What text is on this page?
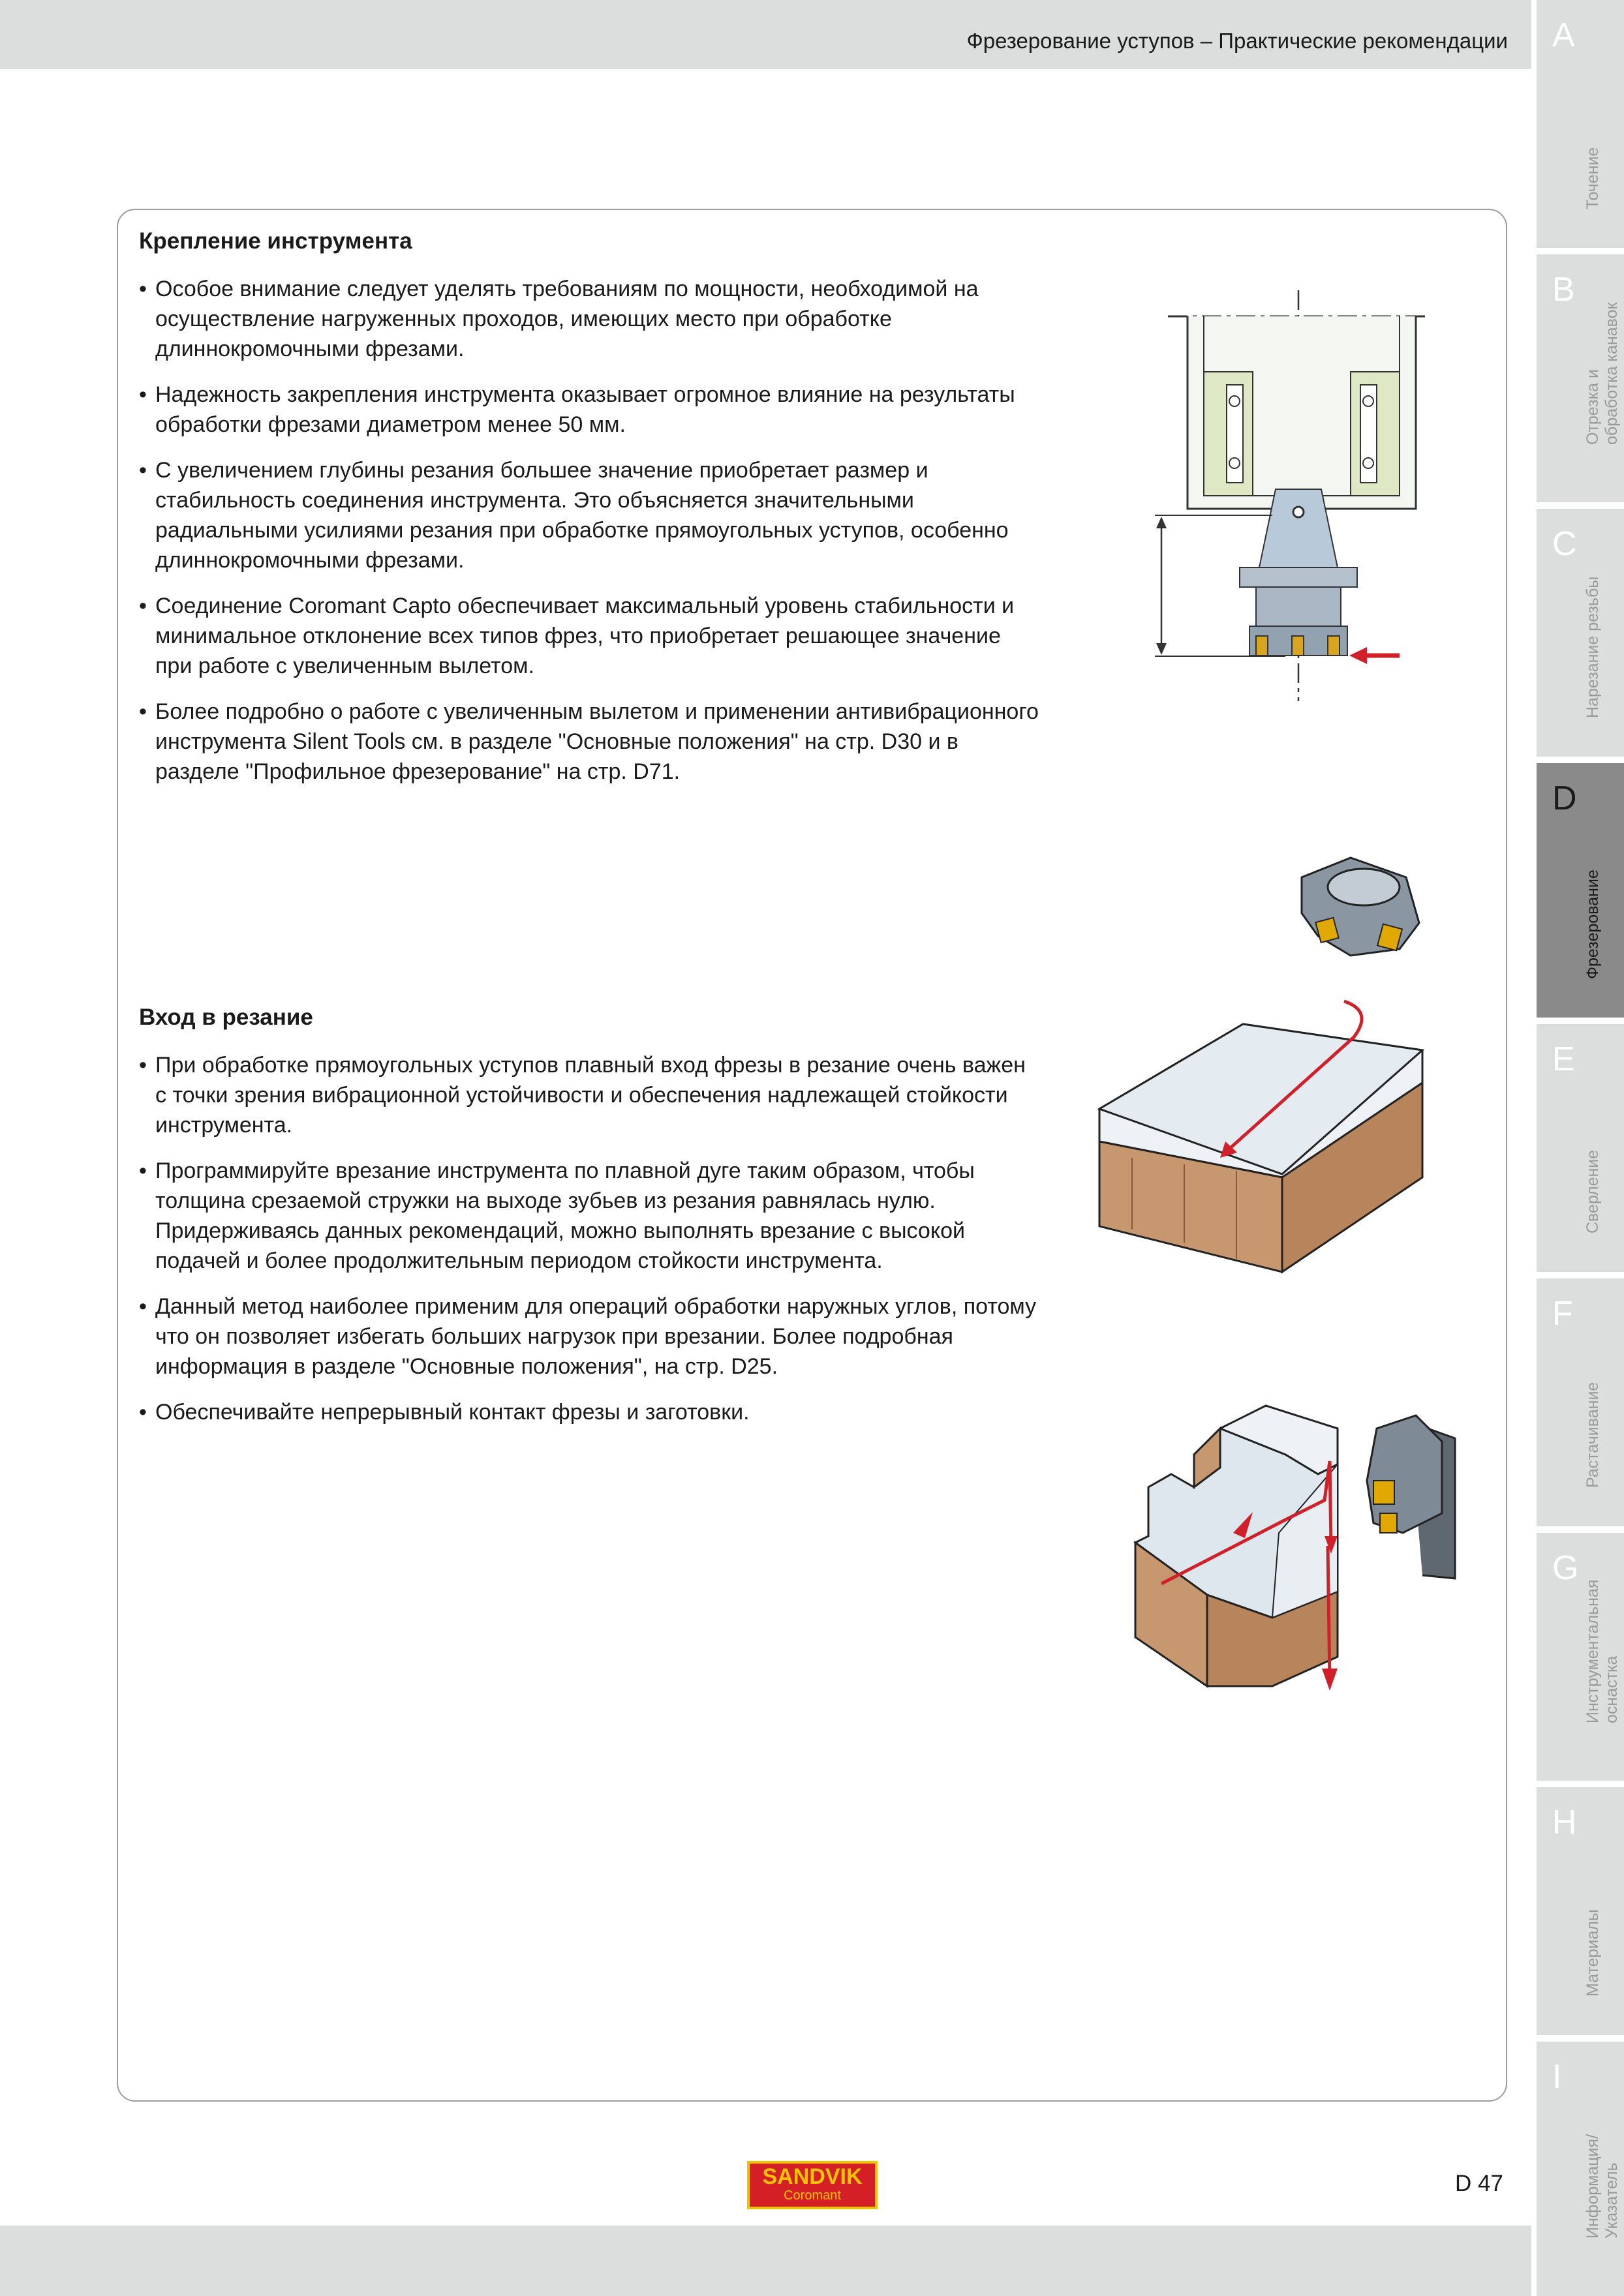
Фрезерование уступов – Практические рекомендации A
Точение
B
Отрезка и
обработка канавок
C
Нарезание резьбы
D
Фрезерование
E
Сверление
F
Растачивание
G
Инструментальная
оснастка
H
Материалы
I
Информация/
Указатель
Крепление инструмента
• Особое внимание следует уделять требованиям по мощности, необходимой на осуществление нагруженных проходов, имеющих место при обработке длиннокромочными фрезами.
• Надежность закрепления инструмента оказывает огромное влияние на результаты обработки фрезами диаметром менее 50 мм.
• С увеличением глубины резания большее значение приобретает размер и стабильность соединения инструмента. Это объясняется значительными радиальными усилиями резания при обработке прямоугольных уступов, особенно длиннокромочными фрезами.
• Соединение Coromant Capto обеспечивает максимальный уровень стабильности и минимальное отклонение всех типов фрез, что приобретает решающее значение при работе с увеличенным вылетом.
• Более подробно о работе с увеличенным вылетом и применении антивибрационного инструмента Silent Tools см. в разделе "Основные положения" на стр. D30 и в разделе "Профильное фрезерование" на стр. D71.
Вход в резание
• При обработке прямоугольных уступов плавный вход фрезы в резание очень важен с точки зрения вибрационной устойчивости и обеспечения надлежащей стойкости инструмента.
• Программируйте врезание инструмента по плавной дуге таким образом, чтобы толщина срезаемой стружки на выходе зубьев из резания равнялась нулю. Придерживаясь данных рекомендаций, можно выполнять врезание с высокой подачей и более продолжительным периодом стойкости инструмента.
• Данный метод наиболее применим для операций обработки наружных углов, потому что он позволяет избегать больших нагрузок при врезании. Более подробная информация в разделе "Основные положения", на стр. D25.
• Обеспечивайте непрерывный контакт фрезы и заготовки.
SANDVIK
Coromant	D 47
